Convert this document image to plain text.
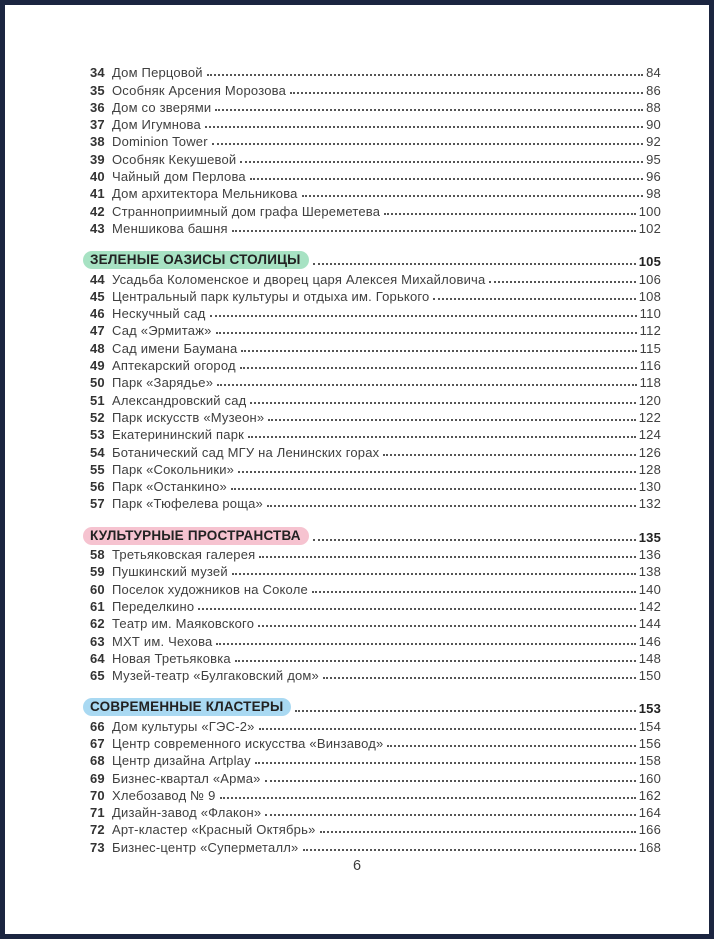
34 Дом Перцовой	84
35 Особняк Арсения Морозова	86
36 Дом со зверями	88
37 Дом Игумнова	90
38 Dominion Tower	92
39 Особняк Кекушевой	95
40 Чайный дом Перлова	96
41 Дом архитектора Мельникова	98
42 Странноприимный дом графа Шереметева	100
43 Меншикова башня	102
ЗЕЛЕНЫЕ ОАЗИСЫ СТОЛИЦЫ	105
44 Усадьба Коломенское и дворец царя Алексея Михайловича	106
45 Центральный парк культуры и отдыха им. Горького	108
46 Нескучный сад	110
47 Сад «Эрмитаж»	112
48 Сад имени Баумана	115
49 Аптекарский огород	116
50 Парк «Зарядье»	118
51 Александровский сад	120
52 Парк искусств «Музеон»	122
53 Екатерининский парк	124
54 Ботанический сад МГУ на Ленинских горах	126
55 Парк «Сокольники»	128
56 Парк «Останкино»	130
57 Парк «Тюфелева роща»	132
КУЛЬТУРНЫЕ ПРОСТРАНСТВА	135
58 Третьяковская галерея	136
59 Пушкинский музей	138
60 Поселок художников на Соколе	140
61 Переделкино	142
62 Театр им. Маяковского	144
63 МХТ им. Чехова	146
64 Новая Третьяковка	148
65 Музей-театр «Булгаковский дом»	150
СОВРЕМЕННЫЕ КЛАСТЕРЫ	153
66 Дом культуры «ГЭС-2»	154
67 Центр современного искусства «Винзавод»	156
68 Центр дизайна Artplay	158
69 Бизнес-квартал «Арма»	160
70 Хлебозавод № 9	162
71 Дизайн-завод «Флакон»	164
72 Арт-кластер «Красный Октябрь»	166
73 Бизнес-центр «Суперметалл»	168
6
